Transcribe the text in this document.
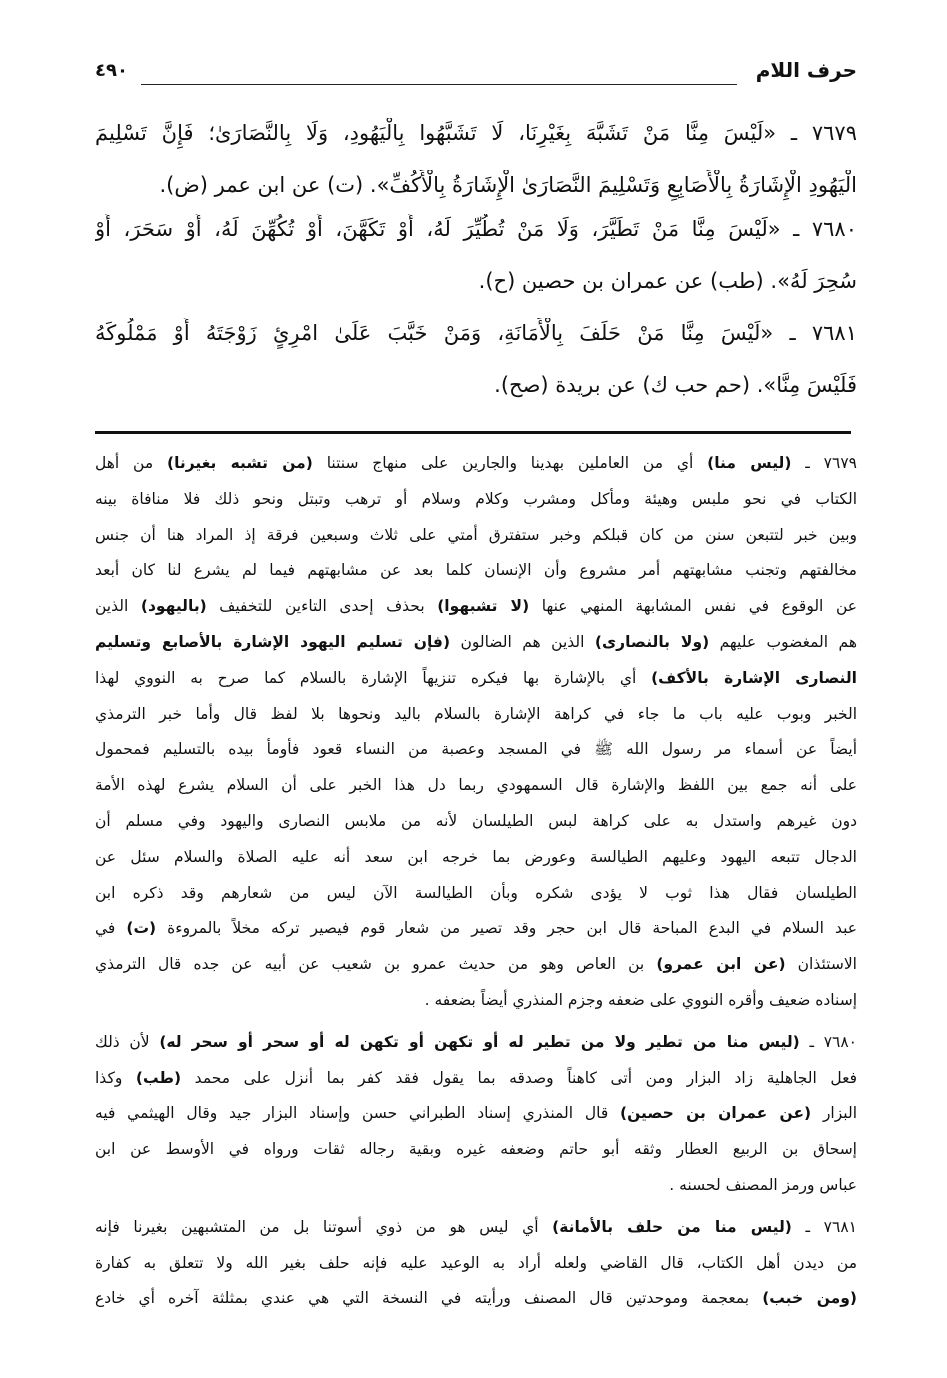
حرف اللام
٤٩٠
٧٦٧٩ ـ «لَيْسَ مِنَّا مَنْ تَشَبَّهَ بِغَيْرِنَا، لَا تَشَبَّهُوا بِالْيَهُودِ، وَلَا بِالنَّصَارَىٰ؛ فَإِنَّ تَسْلِيمَ
الْيَهُودِ الْإِشَارَةُ بِالْأَصَابِعِ وَتَسْلِيمَ النَّصَارَىٰ الْإِشَارَةُ بِالْأَكُفِّ». (ت) عن ابن عمر (ض).
٧٦٨٠ ـ «لَيْسَ مِنَّا مَنْ تَطَيَّرَ، وَلَا مَنْ تُطُيِّرَ لَهُ، أَوْ تَكَهَّنَ، أَوْ تُكُهِّنَ لَهُ، أَوْ سَحَرَ، أَوْ
سُحِرَ لَهُ». (طب) عن عمران بن حصين (ح).
٧٦٨١ ـ «لَيْسَ مِنَّا مَنْ حَلَفَ بِالْأَمَانَةِ، وَمَنْ خَبَّبَ عَلَىٰ امْرِئٍ زَوْجَتَهُ أَوْ مَمْلُوكَهُ
فَلَيْسَ مِنَّا». (حم حب ك) عن بريدة (صح).
٧٦٧٩ ـ (ليس منا) أي من العاملين بهدينا والجارين على منهاج سنتنا (من تشبه بغيرنا) من أهل
الكتاب في نحو ملبس وهيئة ومأكل ومشرب وكلام وسلام أو ترهب وتبتل ونحو ذلك فلا منافاة بينه
وبين خبر لتتبعن سنن من كان قبلكم وخبر ستفترق أمتي على ثلاث وسبعين فرقة إذ المراد هنا أن جنس
مخالفتهم وتجنب مشابهتهم أمر مشروع وأن الإنسان كلما بعد عن مشابهتهم فيما لم يشرع لنا كان أبعد
عن الوقوع في نفس المشابهة المنهي عنها (لا تشبهوا) بحذف إحدى التاءين للتخفيف (باليهود) الذين
هم المغضوب عليهم (ولا بالنصارى) الذين هم الضالون (فإن تسليم اليهود الإشارة بالأصابع وتسليم
النصارى الإشارة بالأكف) أي بالإشارة بها فيكره تنزيهاً الإشارة بالسلام كما صرح به النووي لهذا
الخبر وبوب عليه باب ما جاء في كراهة الإشارة بالسلام باليد ونحوها بلا لفظ قال وأما خبر الترمذي
أيضاً عن أسماء مر رسول الله ﷺ في المسجد وعصبة من النساء قعود فأومأ بيده بالتسليم فمحمول
على أنه جمع بين اللفظ والإشارة قال السمهودي ربما دل هذا الخبر على أن السلام يشرع لهذه الأمة
دون غيرهم واستدل به على كراهة لبس الطيلسان لأنه من ملابس النصارى واليهود وفي مسلم أن
الدجال تتبعه اليهود وعليهم الطيالسة وعورض بما خرجه ابن سعد أنه عليه الصلاة والسلام سئل عن
الطيلسان فقال هذا ثوب لا يؤدى شكره وبأن الطيالسة الآن ليس من شعارهم وقد ذكره ابن
عبد السلام في البدع المباحة قال ابن حجر وقد تصير من شعار قوم فيصير تركه مخلاً بالمروءة (ت) في
الاستئذان (عن ابن عمرو) بن العاص وهو من حديث عمرو بن شعيب عن أبيه عن جده قال الترمذي
إسناده ضعيف وأقره النووي على ضعفه وجزم المنذري أيضاً بضعفه .
٧٦٨٠ ـ (ليس منا من تطير ولا من تطير له أو تكهن أو تكهن له أو سحر أو سحر له) لأن ذلك
فعل الجاهلية زاد البزار ومن أتى كاهناً وصدقه بما يقول فقد كفر بما أنزل على محمد (طب) وكذا
البزار (عن عمران بن حصين) قال المنذري إسناد الطبراني حسن وإسناد البزار جيد وقال الهيثمي فيه
إسحاق بن الربيع العطار وثقه أبو حاتم وضعفه غيره وبقية رجاله ثقات ورواه في الأوسط عن ابن
عباس ورمز المصنف لحسنه .
٧٦٨١ ـ (ليس منا من حلف بالأمانة) أي ليس هو من ذوي أسوتنا بل من المتشبهين بغيرنا فإنه
من ديدن أهل الكتاب، قال القاضي ولعله أراد به الوعيد عليه فإنه حلف بغير الله ولا تتعلق به كفارة
(ومن خبب) بمعجمة وموحدتين قال المصنف ورأيته في النسخة التي هي عندي بمثلثة آخره أي خادع
